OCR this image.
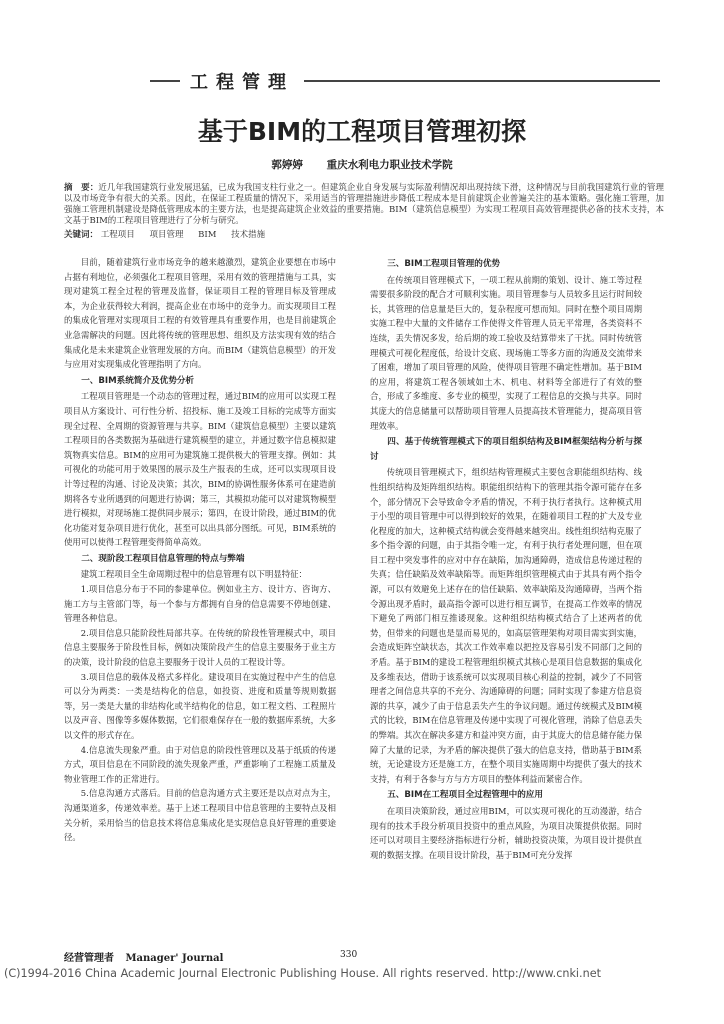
工程管理
基于BIM的工程项目管理初探
郭婷婷 重庆水利电力职业技术学院
摘　要：近几年我国建筑行业发展迅猛，已成为我国支柱行业之一。但建筑企业自身发展与实际盈利情况却出现持续下滑，这种情况与目前我国建筑行业的管理以及市场竞争有很大的关系。因此，在保证工程质量的情况下，采用适当的管理措施进步降低工程成本是目前建筑企业普遍关注的基本策略。强化施工管理，加强施工管理机制建设是降低管理成本的主要方法，也是提高建筑企业效益的重要措施。BIM（建筑信息模型）为实现工程项目高效管理提供必备的技术支持，本文基于BIM的工程项目管理进行了分析与研究。
关键词： 工程项目 项目管理 BIM 技术措施

目前，随着建筑行业市场竞争的越来越激烈，建筑企业要想在市场中占据有利地位，必须强化工程项目管理，采用有效的管理措施与工具，实现对建筑工程全过程的管理及监督，保证项目工程的管理目标及管理成本，为企业获得较大利润，提高企业在市场中的竞争力。而实现项目工程的集成化管理对实现项目工程的有效管理具有重要作用，也是目前建筑企业急需解决的问题。因此将传统的管理思想、组织及方法实现有效的结合集成化是未来建筑企业管理发展的方向。而BIM（建筑信息模型）的开发与应用对实现集成化管理指明了方向。

一、BIM系统简介及优势分析

工程项目管理是一个动态的管理过程，通过BIM的应用可以实现工程项目从方案设计、可行性分析、招投标、施工及竣工目标的完成等方面实现全过程、全周期的资源管理与共享。BIM（建筑信息模型）主要以建筑工程项目的各类数据为基础进行建筑模型的建立，并通过数字信息模拟建筑物真实信息。BIM的应用可为建筑施工提供极大的管理支撑。例如：其可视化的功能可用于效果图的展示及生产报表的生成，还可以实现项目设计等过程的沟通、讨论及决策；其次，BIM的协调性服务体系可在建造前期将各专业所遇到的问题进行协调；第三，其模拟功能可以对建筑物模型进行模拟，对现场施工提供同步展示；第四，在设计阶段，通过BIM的优化功能对复杂项目进行优化，甚至可以出具部分图纸。可见，BIM系统的使用可以使得工程管理变得简单高效。

二、现阶段工程项目信息管理的特点与弊端

建筑工程项目全生命周期过程中的信息管理有以下明显特征：

1.项目信息分布于不同的参建单位。例如业主方、设计方、咨询方、施工方与主管部门等，每一个参与方都拥有自身的信息需要不停地创建、管理各种信息。

2.项目信息只能阶段性局部共享。在传统的阶段性管理模式中，项目信息主要服务于阶段性目标，例如决策阶段产生的信息主要服务于业主方的决策，设计阶段的信息主要服务于设计人员的工程设计等。

3.项目信息的载体及格式多样化。建设项目在实施过程中产生的信息可以分为两类：一类是结构化的信息，如投资、进度和质量等规则数据等，另一类是大量的非结构化或半结构化的信息，如工程文档、工程照片以及声音、图像等多媒体数据，它们很难保存在一般的数据库系统，大多以文件的形式存在。

4.信息流失现象严重。由于对信息的阶段性管理以及基于纸质的传递方式，项目信息在不同阶段的流失现象严重，严重影响了工程施工质量及物业管理工作的正常进行。

5.信息沟通方式落后。目前的信息沟通方式主要还是以点对点为主，沟通渠道多，传递效率差。基于上述工程项目中信息管理的主要特点及相关分析，采用恰当的信息技术将信息集成化是实现信息良好管理的重要途径。

三、BIM工程项目管理的优势

在传统项目管理模式下，一项工程从前期的策划、设计、施工等过程需要很多阶段的配合才可顺利实施。项目管理参与人员较多且运行时间较长，其管理的信息量是巨大的，复杂程度可想而知。同时在整个项目周期实施工程中大量的文件储存工作使得文件管理人员无平常理，各类资料不连续，丢失情况多发，给后期的竣工验收及结算带来了干扰。同时传统管理模式可视化程度低，给设计交底、现场施工等多方面的沟通及交流带来了困难，增加了项目管理的风险，使得项目管理不确定性增加。基于BIM的应用，将建筑工程各领域如土木、机电、材料等全部进行了有效的整合，形成了多维度、多专业的模型，实现了工程信息的交换与共享。同时其庞大的信息储量可以帮助项目管理人员提高技术管理能力，提高项目管理效率。

四、基于传统管理模式下的项目组织结构及BIM框架结构分析与探讨

传统项目管理模式下，组织结构管理模式主要包含职能组织结构、线性组织结构及矩阵组织结构。职能组织结构下的管理其指令源可能存在多个，部分情况下会导致命令矛盾的情况，不利于执行者执行。这种模式用于小型的项目管理中可以得到较好的效果，在随着项目工程的扩大及专业化程度的加大，这种模式结构就会变得越来越突出。线性组织结构克服了多个指令源的问题，由于其指令唯一定，有利于执行者处理问题，但在项目工程中突发事件的应对中存在缺陷，加沟通障碍，造成信息传递过程的失真；信任缺陷及效率缺陷等。而矩阵组织管理模式由于其具有两个指令源，可以有效避免上述存在的信任缺陷、效率缺陷及沟通障碍，当两个指令源出现矛盾时，最高指令源可以进行相互调节，在提高工作效率的情况下避免了两部门相互推诿现象。这种组织结构模式结合了上述两者的优势，但带来的问题也是显而易见的，如高层管理架构对项目需实到实施，会造成矩阵空缺状态，其次工作效率难以把控及容易引发不同部门之间的矛盾。基于BIM的建设工程管理组织模式其核心是项目信息数据的集成化及多维表达，借助于该系统可以实现项目核心利益的控制，减少了不同管理者之间信息共享的不充分、沟通障碍的问题；同时实现了参建方信息资源的共享，减少了由于信息丢失产生的争议问题。通过传统模式及BIM模式的比较，BIM在信息管理及传递中实现了可视化管理，消除了信息丢失的弊端。其次在解决多建方和益冲突方面，由于其庞大的信息储存能力保障了大量的记录，为矛盾的解决提供了强大的信息支持，借助基于BIM系统，无论建设方还是施工方，在整个项目实施周期中均提供了强大的技术支持，有利于各参与方与方方项目的整体利益而紧密合作。

五、BIM在工程项目全过程管理中的应用

在项目决策阶段，通过应用BIM，可以实现可视化的互动漫游，结合现有的技术手段分析项目投资中的重点风险，为项目决策提供依据。同时还可以对项目主要经济指标进行分析，辅助投资决策，为项目设计提供直观的数据支撑。在项目设计阶段，基于BIM可充分发挥

经营管理者 Manager' Journal	330
(C)1994-2016 China Academic Journal Electronic Publishing House. All rights reserved. http://www.cnki.net
